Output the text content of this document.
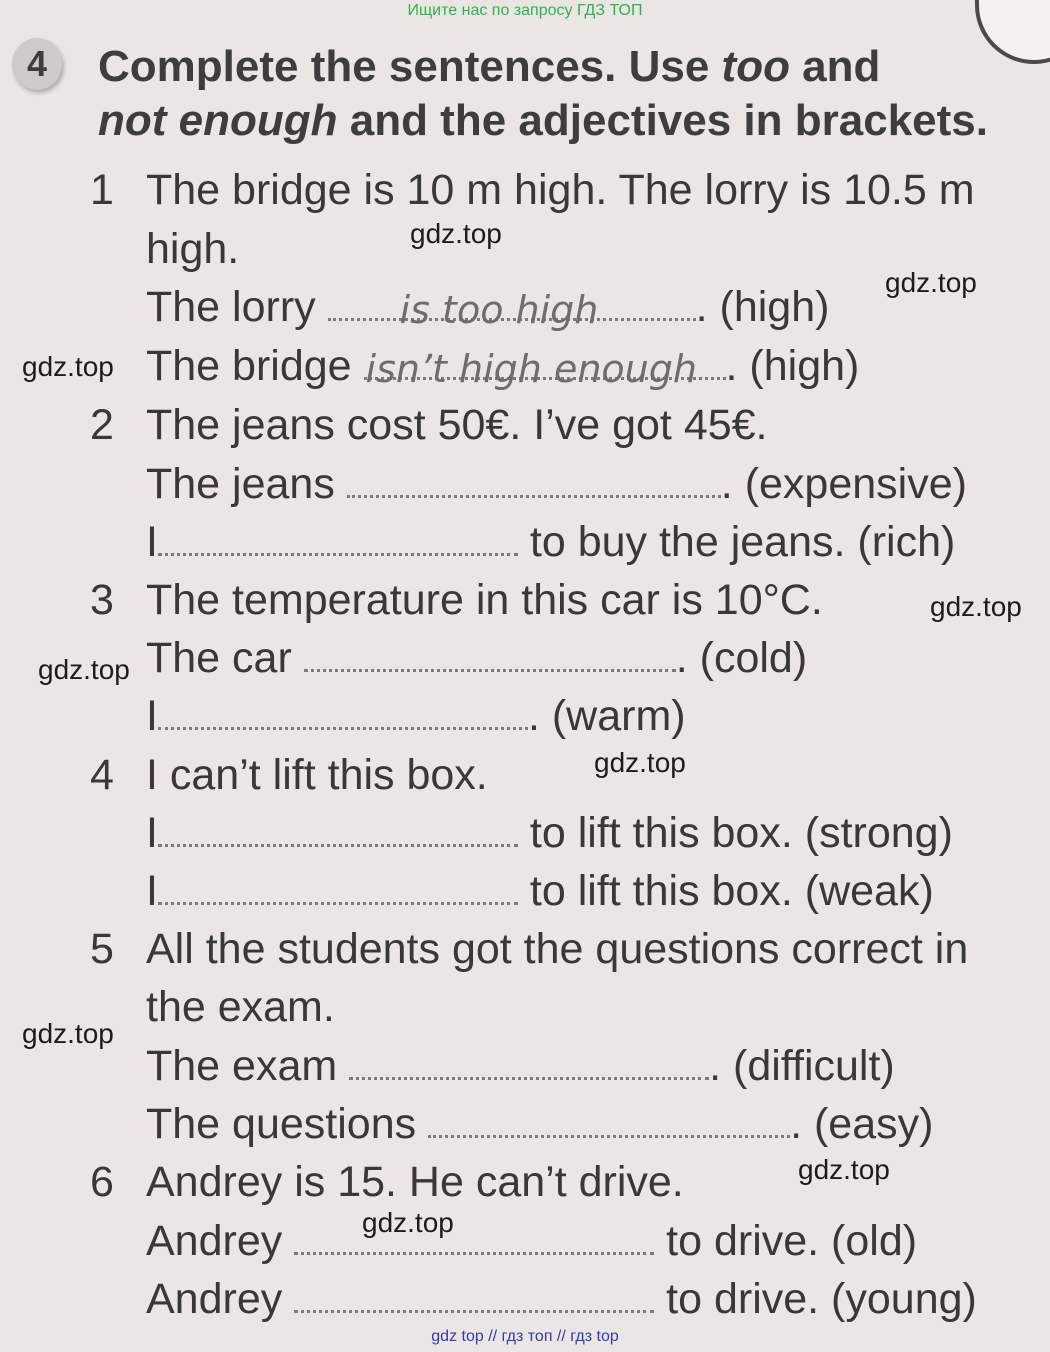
Ищите нас по запросу ГДЗ ТОП
4	Complete the sentences. Use too and
not enough and the adjectives in brackets.
1 The bridge is 10 m high. The lorry is 10.5 m
high.
The lorry is too high . (high)
The bridge isn’t high enough . (high)
2 The jeans cost 50€. I’ve got 45€.
The jeans	. (expensive)
I	to buy the jeans. (rich)
3 The temperature in this car is 10°C.
The car	. (cold)
I	. (warm)
4 I can’t lift this box.
I	to lift this box. (strong)
I	to lift this box. (weak)
5 All the students got the questions correct in
the exam.
The exam	. (difficult)
The questions	. (easy)
6 Andrey is 15. He can’t drive.
Andrey	to drive. (old)
Andrey	to drive. (young)
gdz.top
gdz.top
gdz.top
gdz.top
gdz.top
gdz.top
gdz.top
gdz.top
gdz.top
gdz top // гдз топ // гдз top
